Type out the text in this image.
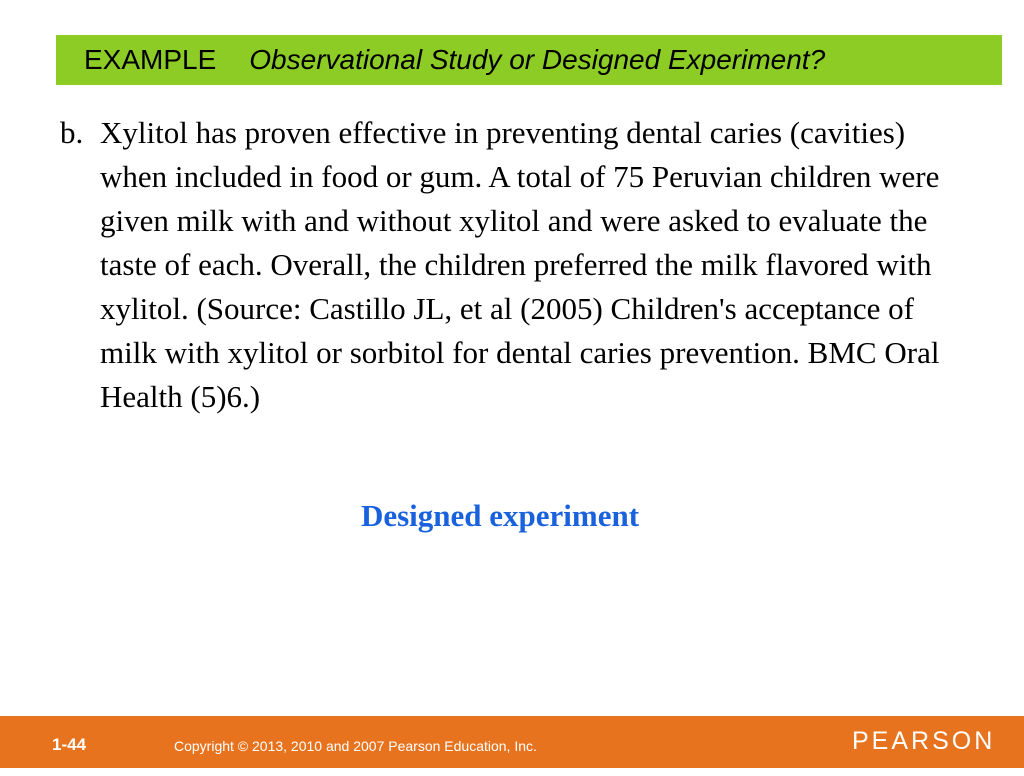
EXAMPLE Observational Study or Designed Experiment?
b. Xylitol has proven effective in preventing dental caries (cavities) when included in food or gum. A total of 75 Peruvian children were given milk with and without xylitol and were asked to evaluate the taste of each. Overall, the children preferred the milk flavored with xylitol. (Source: Castillo JL, et al (2005) Children's acceptance of milk with xylitol or sorbitol for dental caries prevention. BMC Oral Health (5)6.)
Designed experiment
1-44	Copyright © 2013, 2010 and 2007 Pearson Education, Inc.	PEARSON
